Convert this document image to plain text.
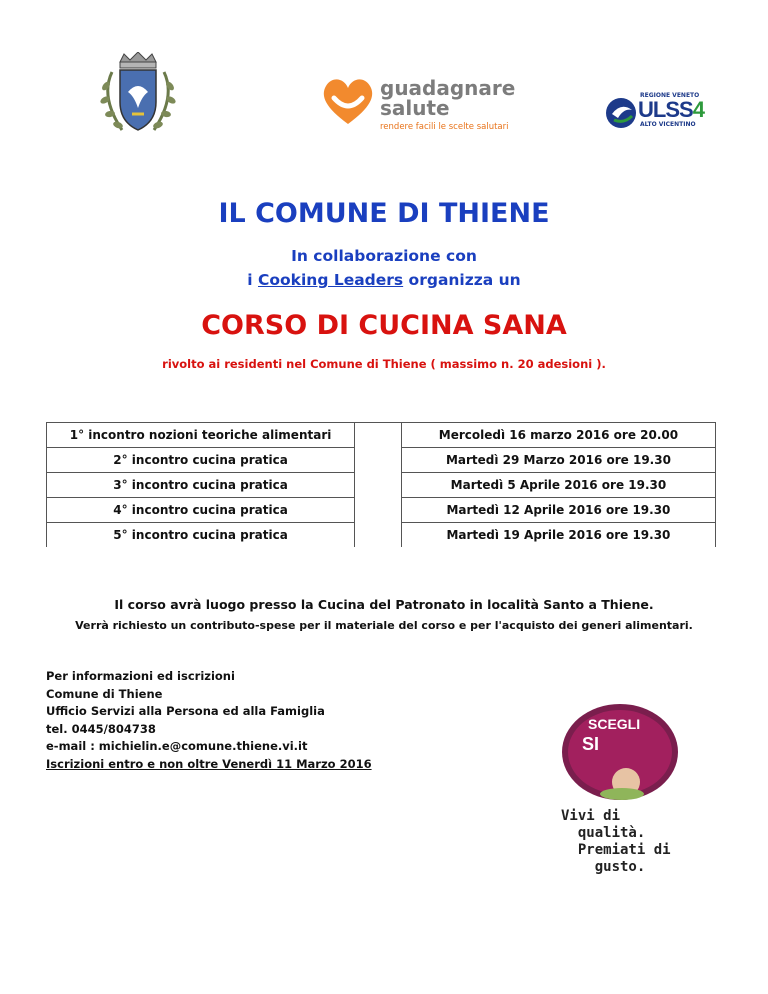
guadagnare
salute
rendere facili le scelte salutari
REGIONE VENETO
ULSS4
ALTO VICENTINO
IL COMUNE DI THIENE
In collaborazione con
i Cooking Leaders organizza un
CORSO DI CUCINA SANA
rivolto ai residenti nel Comune di Thiene ( massimo n. 20 adesioni ).
1° incontro nozioni teoriche alimentari		Mercoledì 16 marzo 2016 ore 20.00
2° incontro cucina pratica		Martedì 29 Marzo 2016 ore 19.30
3° incontro cucina pratica		Martedì 5 Aprile 2016 ore 19.30
4° incontro cucina pratica		Martedì 12 Aprile 2016 ore 19.30
5° incontro cucina pratica		Martedì 19 Aprile 2016 ore 19.30
Il corso avrà luogo presso la Cucina del Patronato in località Santo a Thiene.
Verrà richiesto un contributo-spese per il materiale del corso e per l'acquisto dei generi alimentari.
Per informazioni ed iscrizioni
Comune di Thiene
Ufficio Servizi alla Persona ed alla Famiglia
tel. 0445/804738
e-mail : michielin.e@comune.thiene.vi.it
Iscrizioni entro e non oltre Venerdì 11 Marzo 2016
SCEGLI
SI
Vivi di
qualità.
Premiati di
gusto.
